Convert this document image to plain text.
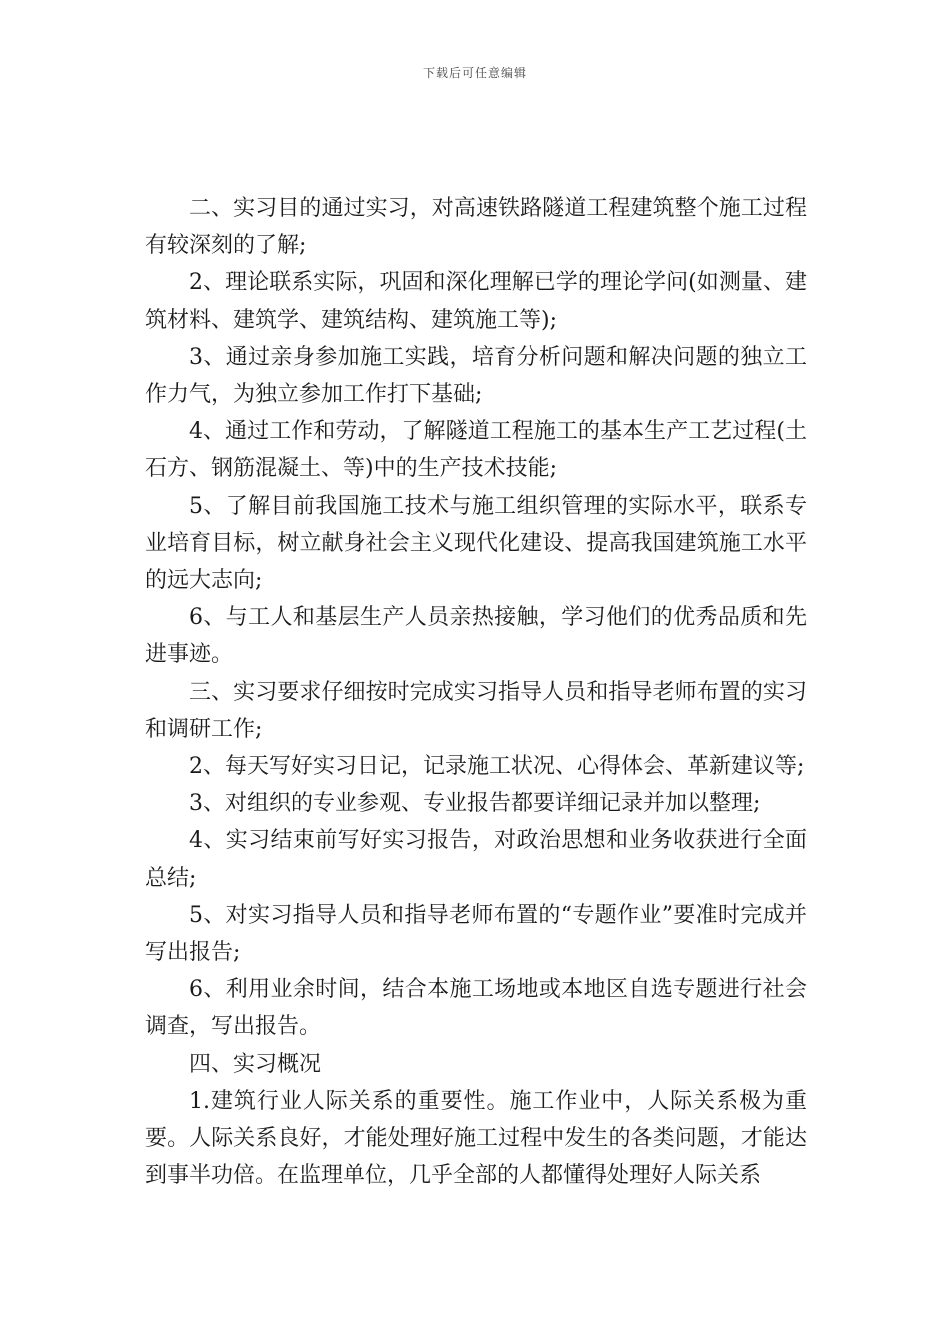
下载后可任意编辑

二、实习目的通过实习，对高速铁路隧道工程建筑整个施工过程有较深刻的了解;

2、理论联系实际，巩固和深化理解已学的理论学问(如测量、建筑材料、建筑学、建筑结构、建筑施工等);

3、通过亲身参加施工实践，培育分析问题和解决问题的独立工作力气，为独立参加工作打下基础;

4、通过工作和劳动，了解隧道工程施工的基本生产工艺过程(土石方、钢筋混凝土、等)中的生产技术技能;

5、了解目前我国施工技术与施工组织管理的实际水平，联系专业培育目标，树立献身社会主义现代化建设、提高我国建筑施工水平的远大志向;

6、与工人和基层生产人员亲热接触，学习他们的优秀品质和先进事迹。

三、实习要求仔细按时完成实习指导人员和指导老师布置的实习和调研工作;

2、每天写好实习日记，记录施工状况、心得体会、革新建议等;

3、对组织的专业参观、专业报告都要详细记录并加以整理;

4、实习结束前写好实习报告，对政治思想和业务收获进行全面总结;

5、对实习指导人员和指导老师布置的“专题作业”要准时完成并写出报告;

6、利用业余时间，结合本施工场地或本地区自选专题进行社会调查，写出报告。

四、实习概况

1.建筑行业人际关系的重要性。施工作业中，人际关系极为重要。人际关系良好，才能处理好施工过程中发生的各类问题，才能达到事半功倍。在监理单位，几乎全部的人都懂得处理好人际关系
